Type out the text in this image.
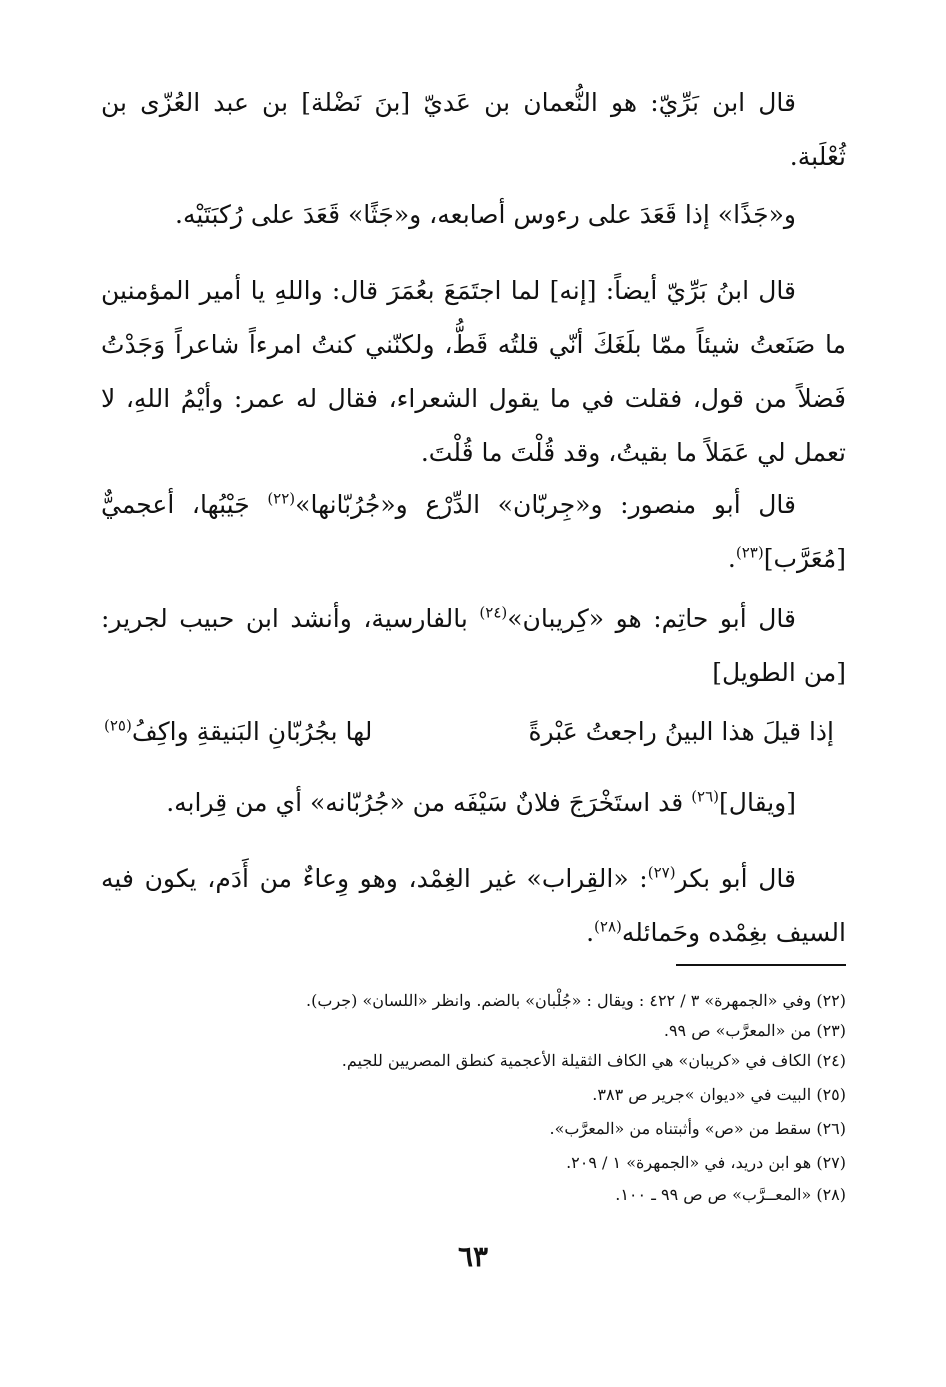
قال ابن بَرِّيّ: هو النُّعمان بن عَديّ [بنَ نَضْلة] بن عبد العُزّى بن ثُعْلَبة.

و«جَذًا» إذا قَعَدَ على رءوس أصابعه، و«جَثًا» قَعَدَ على رُكبَتَيْه.

قال ابنُ بَرِّيّ أيضاً: [إنه] لما اجتَمَعَ بعُمَرَ قال: واللهِ يا أمير المؤمنين ما صَنَعتُ شيئاً ممّا بلَغَكَ أنّي قلتُه قَطُّ، ولكنّني كنتُ امرءاً شاعراً وَجَدْتُ فَضلاً من قول، فقلت في ما يقول الشعراء، فقال له عمر: وأيْمُ اللهِ، لا تعمل لي عَمَلاً ما بقيتُ، وقد قُلْتَ ما قُلْتَ.

قال أبو منصور: و«جِربّان» الدِّرْع و«جُرُبّانها»$^{(٢٢)}$ جَيْبُها، أعجميٌّ [مُعَرَّب]$^{(٢٣)}$.

قال أبو حاتِم: هو «كِريبان»$^{(٢٤)}$ بالفارسية، وأنشد ابن حبيب لجرير: [من الطويل]

إذا قيلَ هذا البينُ راجعتُ عَبْرةً
لها بجُرُبّانِ البَنيقةِ واكِفُ$^{(٢٥)}$

[ويقال]$^{(٢٦)}$ قد استَخْرَجَ فلانٌ سَيْفَه من «جُرُبّانه» أي من قِرابه.

قال أبو بكر$^{(٢٧)}$: «القِراب» غير الغِمْد، وهو وِعاءٌ من أَدَم، يكون فيه السيف بغِمْده وحَمائله$^{(٢٨)}$.

(٢٢) وفي «الجمهرة» ٣ / ٤٢٢ : ويقال : «جُلْبان» بالضم. وانظر «اللسان» (جرب).
(٢٣) من «المعرَّب» ص ٩٩.
(٢٤) الكاف في «كريبان» هي الكاف الثقيلة الأعجمية كنطق المصريين للجيم.
(٢٥) البيت في «ديوان »جرير ص ٣٨٣.
(٢٦) سقط من «ص» وأثبتناه من «المعرَّب».
(٢٧) هو ابن دريد، في «الجمهرة» ١ / ٢٠٩.
(٢٨) «المعــرَّب» ص ص ٩٩ ـ ١٠٠.
٦٣
